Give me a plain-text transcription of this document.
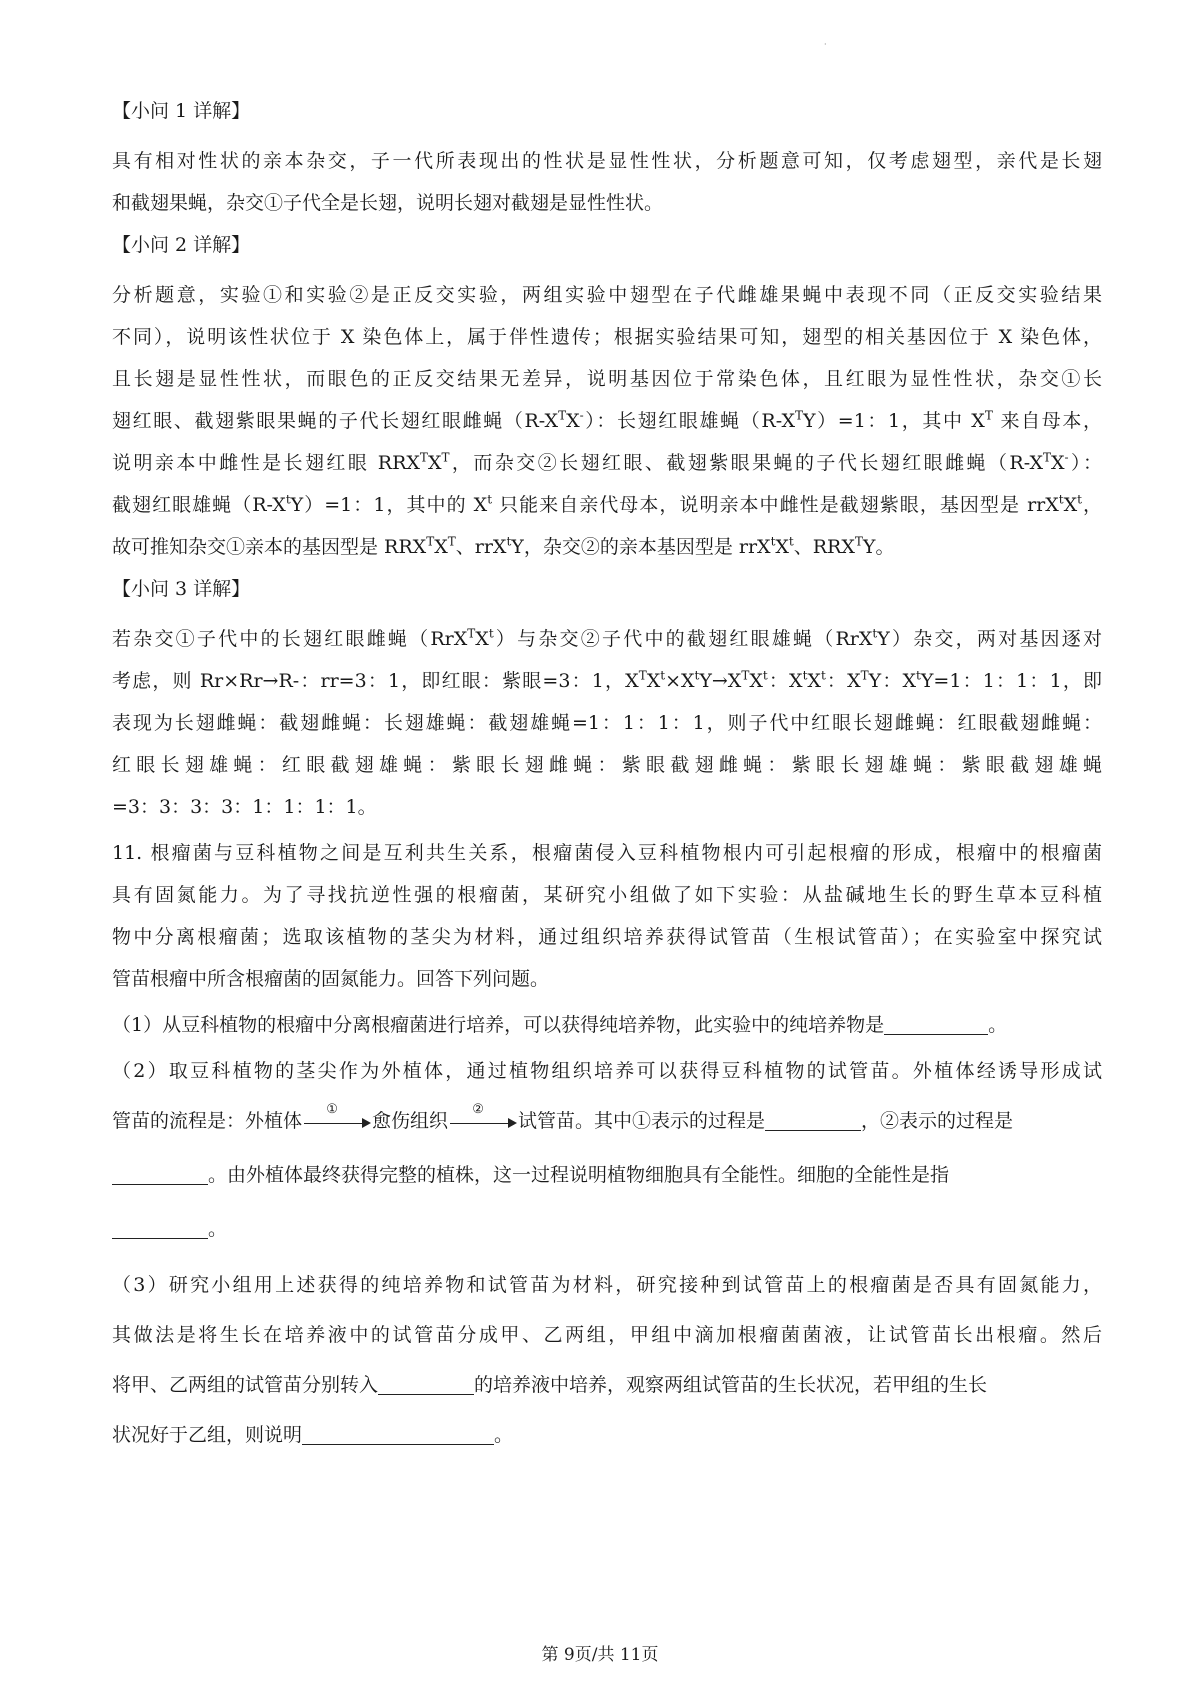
·
【小问 1 详解】
具有相对性状的亲本杂交，子一代所表现出的性状是显性性状，分析题意可知，仅考虑翅型，亲代是长翅
和截翅果蝇，杂交①子代全是长翅，说明长翅对截翅是显性性状。
【小问 2 详解】
分析题意，实验①和实验②是正反交实验，两组实验中翅型在子代雌雄果蝇中表现不同（正反交实验结果
不同），说明该性状位于 X 染色体上，属于伴性遗传；根据实验结果可知，翅型的相关基因位于 X 染色体，
且长翅是显性性状，而眼色的正反交结果无差异，说明基因位于常染色体，且红眼为显性性状，杂交①长
翅红眼、截翅紫眼果蝇的子代长翅红眼雌蝇$(R-X^TX^-)$：长翅红眼雄蝇$(R-X^TY)=1$：1，其中 $X^T$ 来自母本，
说明亲本中雌性是长翅红眼 $RRX^TX^T$，而杂交②长翅红眼、截翅紫眼果蝇的子代长翅红眼雌蝇$(R-X^TX^-)$：
截翅红眼雄蝇$(R-X^tY)=1$：1，其中的 $X^t$ 只能来自亲代母本，说明亲本中雌性是截翅紫眼，基因型是 $rrX^tX^t$，
故可推知杂交①亲本的基因型是 $RRX^TX^T$、rrX$^t$Y，杂交②的亲本基因型是 $rrX^tX^t$、$RRX^TY$。
【小问 3 详解】
若杂交①子代中的长翅红眼雌蝇$(RrX^TX^t)$与杂交②子代中的截翅红眼雄蝇（RrX$^t$Y）杂交，两对基因逐对
考虑，则 Rr×Rr→R-：rr=3：1，即红眼：紫眼=3：1，$X^TX^t\times X^tY\to X^TX^t$：$X^tX^t$：$X^TY$：$X^tY=1$：1：1：1，即
表现为长翅雌蝇：截翅雌蝇：长翅雄蝇：截翅雄蝇=1：1：1：1，则子代中红眼长翅雌蝇：红眼截翅雌蝇：
红眼长翅雄蝇：红眼截翅雄蝇：紫眼长翅雌蝇：紫眼截翅雌蝇：紫眼长翅雄蝇：紫眼截翅雄蝇
=3：3：3：3：1：1：1：1。
11. 根瘤菌与豆科植物之间是互利共生关系，根瘤菌侵入豆科植物根内可引起根瘤的形成，根瘤中的根瘤菌
具有固氮能力。为了寻找抗逆性强的根瘤菌，某研究小组做了如下实验：从盐碱地生长的野生草本豆科植
物中分离根瘤菌；选取该植物的茎尖为材料，通过组织培养获得试管苗（生根试管苗）；在实验室中探究试
管苗根瘤中所含根瘤菌的固氮能力。回答下列问题。
（1）从豆科植物的根瘤中分离根瘤菌进行培养，可以获得纯培养物，此实验中的纯培养物是	。
（2）取豆科植物的茎尖作为外植体，通过植物组织培养可以获得豆科植物的试管苗。外植体经诱导形成试
管苗的流程是：外植体
①
愈伤组织
②
试管苗。其中①表示的过程是	，②表示的过程是
。由外植体最终获得完整的植株，这一过程说明植物细胞具有全能性。细胞的全能性是指
。
（3）研究小组用上述获得的纯培养物和试管苗为材料，研究接种到试管苗上的根瘤菌是否具有固氮能力，
其做法是将生长在培养液中的试管苗分成甲、乙两组，甲组中滴加根瘤菌菌液，让试管苗长出根瘤。然后
将甲、乙两组的试管苗分别转入	的培养液中培养，观察两组试管苗的生长状况，若甲组的生长
状况好于乙组，则说明	。
第 9页/共 11页
